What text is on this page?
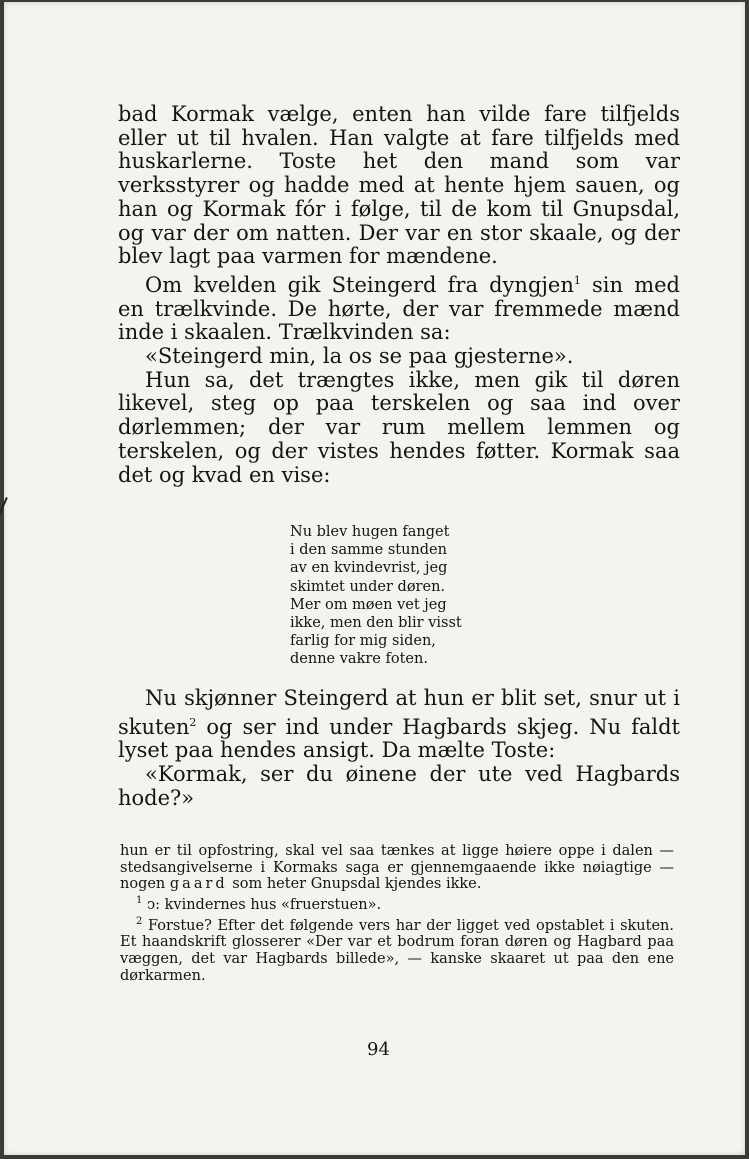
bad Kormak vælge, enten han vilde fare tilfjelds eller ut til hvalen. Han valgte at fare tilfjelds med huskarlerne. Toste het den mand som var verksstyrer og hadde med at hente hjem sauen, og han og Kormak fór i følge, til de kom til Gnupsdal, og var der om natten. Der var en stor skaale, og der blev lagt paa varmen for mændene.

Om kvelden gik Steingerd fra dyngjen$^1$ sin med en trælkvinde. De hørte, der var fremmede mænd inde i skaalen. Trælkvinden sa:

«Steingerd min, la os se paa gjesterne».

Hun sa, det trængtes ikke, men gik til døren likevel, steg op paa terskelen og saa ind over dørlemmen; der var rum mellem lemmen og terskelen, og der vistes hendes føtter. Kormak saa det og kvad en vise:

Nu blev hugen fanget
i den samme stunden
av en kvindevrist, jeg
skimtet under døren.
Mer om møen vet jeg
ikke, men den blir visst
farlig for mig siden,
denne vakre foten.

Nu skjønner Steingerd at hun er blit set, snur ut i skuten$^2$ og ser ind under Hagbards skjeg. Nu faldt lyset paa hendes ansigt. Da mælte Toste:

«Kormak, ser du øinene der ute ved Hagbards hode?»

hun er til opfostring, skal vel saa tænkes at ligge høiere oppe i dalen — stedsangivelserne i Kormaks saga er gjennemgaaende ikke nøiagtige — nogen gaard som heter Gnupsdal kjendes ikke.

$^1$ ↄ: kvindernes hus «fruerstuen».

$^2$ Forstue? Efter det følgende vers har der ligget ved opstablet i skuten. Et haandskrift glosserer «Der var et bodrum foran døren og Hagbard paa væggen, det var Hagbards billede», — kanske skaaret ut paa den ene dørkarmen.

94
